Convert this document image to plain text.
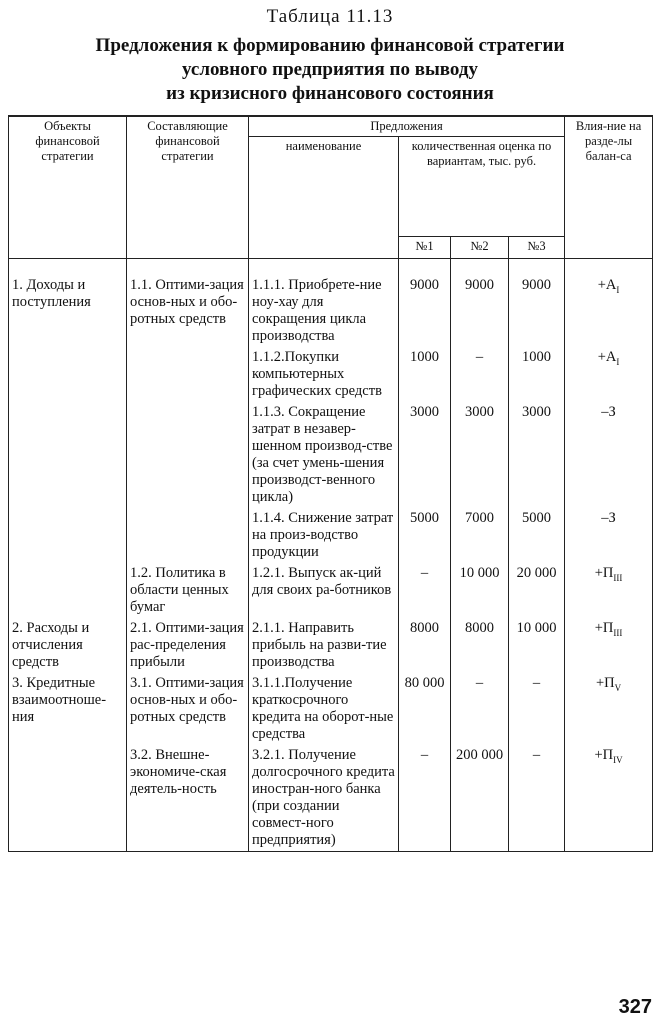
Таблица 11.13
Предложения к формированию финансовой стратегии
условного предприятия по выводу
из кризисного финансового состояния
Объекты финансовой стратегии	Составляющие финансовой стратегии	Предложения				Влия-ние на разде-лы балан-са
		наименование	количественная оценка по вариантам, тыс. руб.			
			№1	№2	№3	

1. Доходы и поступления	1.1. Оптими-зация основ-ных и обо-ротных средств	1.1.1. Приобрете-ние ноу-хау для сокращения цикла производства	9000	9000	9000	$+A_I$
		1.1.2.Покупки компьютерных графических средств	1000	–	1000	$+A_I$
		1.1.3. Сокращение затрат в незавер-шенном производ-стве (за счет умень-шения производст-венного цикла)	3000	3000	3000	–З
		1.1.4. Снижение затрат на произ-водство продукции	5000	7000	5000	–З
	1.2. Политика в области ценных бумаг	1.2.1. Выпуск ак-ций для своих ра-ботников	–	10 000	20 000	$+П_{III}$
2. Расходы и отчисления средств	2.1. Оптими-зация рас-пределения прибыли	2.1.1. Направить прибыль на разви-тие производства	8000	8000	10 000	$+П_{III}$
3. Кредитные взаимоотноше-ния	3.1. Оптими-зация основ-ных и обо-ротных средств	3.1.1.Получение краткосрочного кредита на оборот-ные средства	80 000	–	–	$+П_V$
	3.2. Внешне-экономиче-ская деятель-ность	3.2.1. Получение долгосрочного кредита иностран-ного банка (при создании совмест-ного предприятия)	–	200 000	–	$+П_{IV}$
327
